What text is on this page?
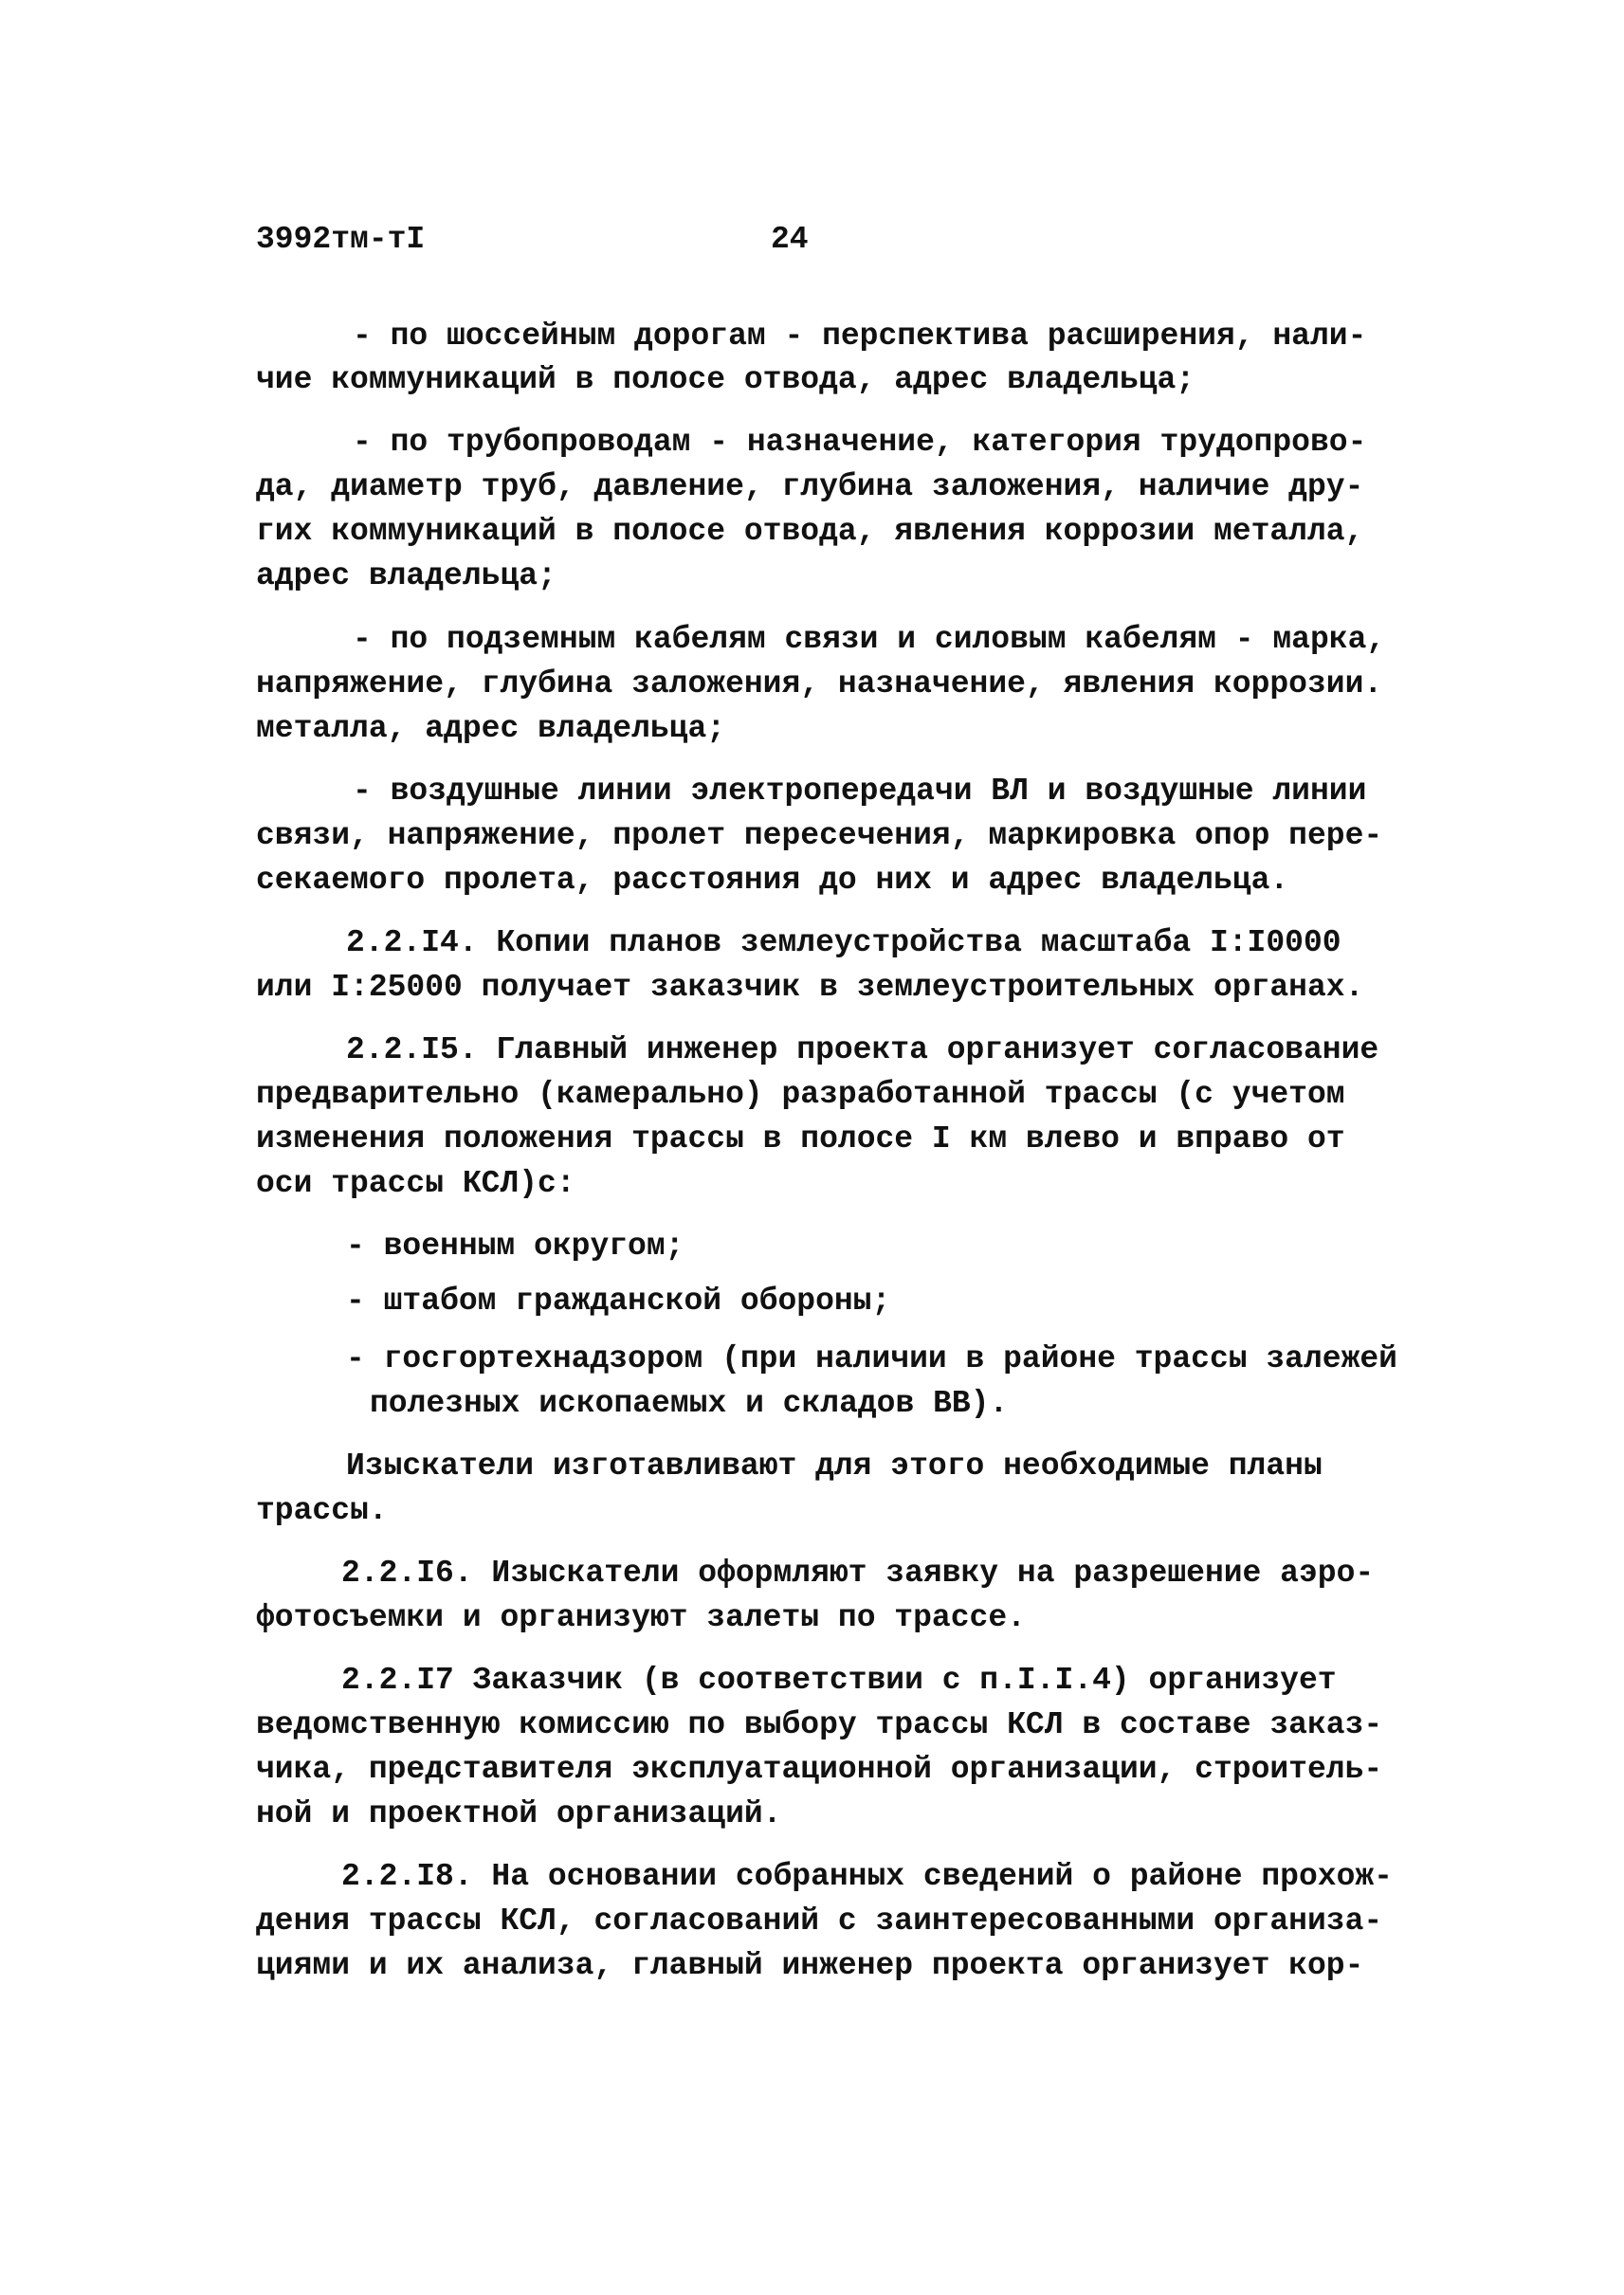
3992тм-тI	24
- по шоссейным дорогам - перспектива расширения, нали-
чие коммуникаций в полосе отвода, адрес владельца;
- по трубопроводам - назначение, категория трудопрово-
да, диаметр труб, давление, глубина заложения, наличие дру-
гих коммуникаций в полосе отвода, явления коррозии металла,
адрес владельца;
- по подземным кабелям связи и силовым кабелям - марка,
напряжение, глубина заложения, назначение, явления коррозии.
металла, адрес владельца;
- воздушные линии электропередачи ВЛ и воздушные линии
связи, напряжение, пролет пересечения, маркировка опор пере-
секаемого пролета, расстояния до них и адрес владельца.
2.2.I4. Копии планов землеустройства масштаба I:I0000
или I:25000 получает заказчик в землеустроительных органах.
2.2.I5. Главный инженер проекта организует согласование
предварительно (камерально) разработанной трассы (с учетом
изменения положения трассы в полосе I км влево и вправо от
оси трассы КСЛ)с:
- военным округом;
- штабом гражданской обороны;
- госгортехнадзором (при наличии в районе трассы залежей
полезных ископаемых и складов ВВ).
Изыскатели изготавливают для этого необходимые планы
трассы.
2.2.I6. Изыскатели оформляют заявку на разрешение аэро-
фотосъемки и организуют залеты по трассе.
2.2.I7 Заказчик (в соответствии с п.I.I.4) организует
ведомственную комиссию по выбору трассы КСЛ в составе заказ-
чика, представителя эксплуатационной организации, строитель-
ной и проектной организаций.
2.2.I8. На основании собранных сведений о районе прохож-
дения трассы КСЛ, согласований с заинтересованными организа-
циями и их анализа, главный инженер проекта организует кор-
